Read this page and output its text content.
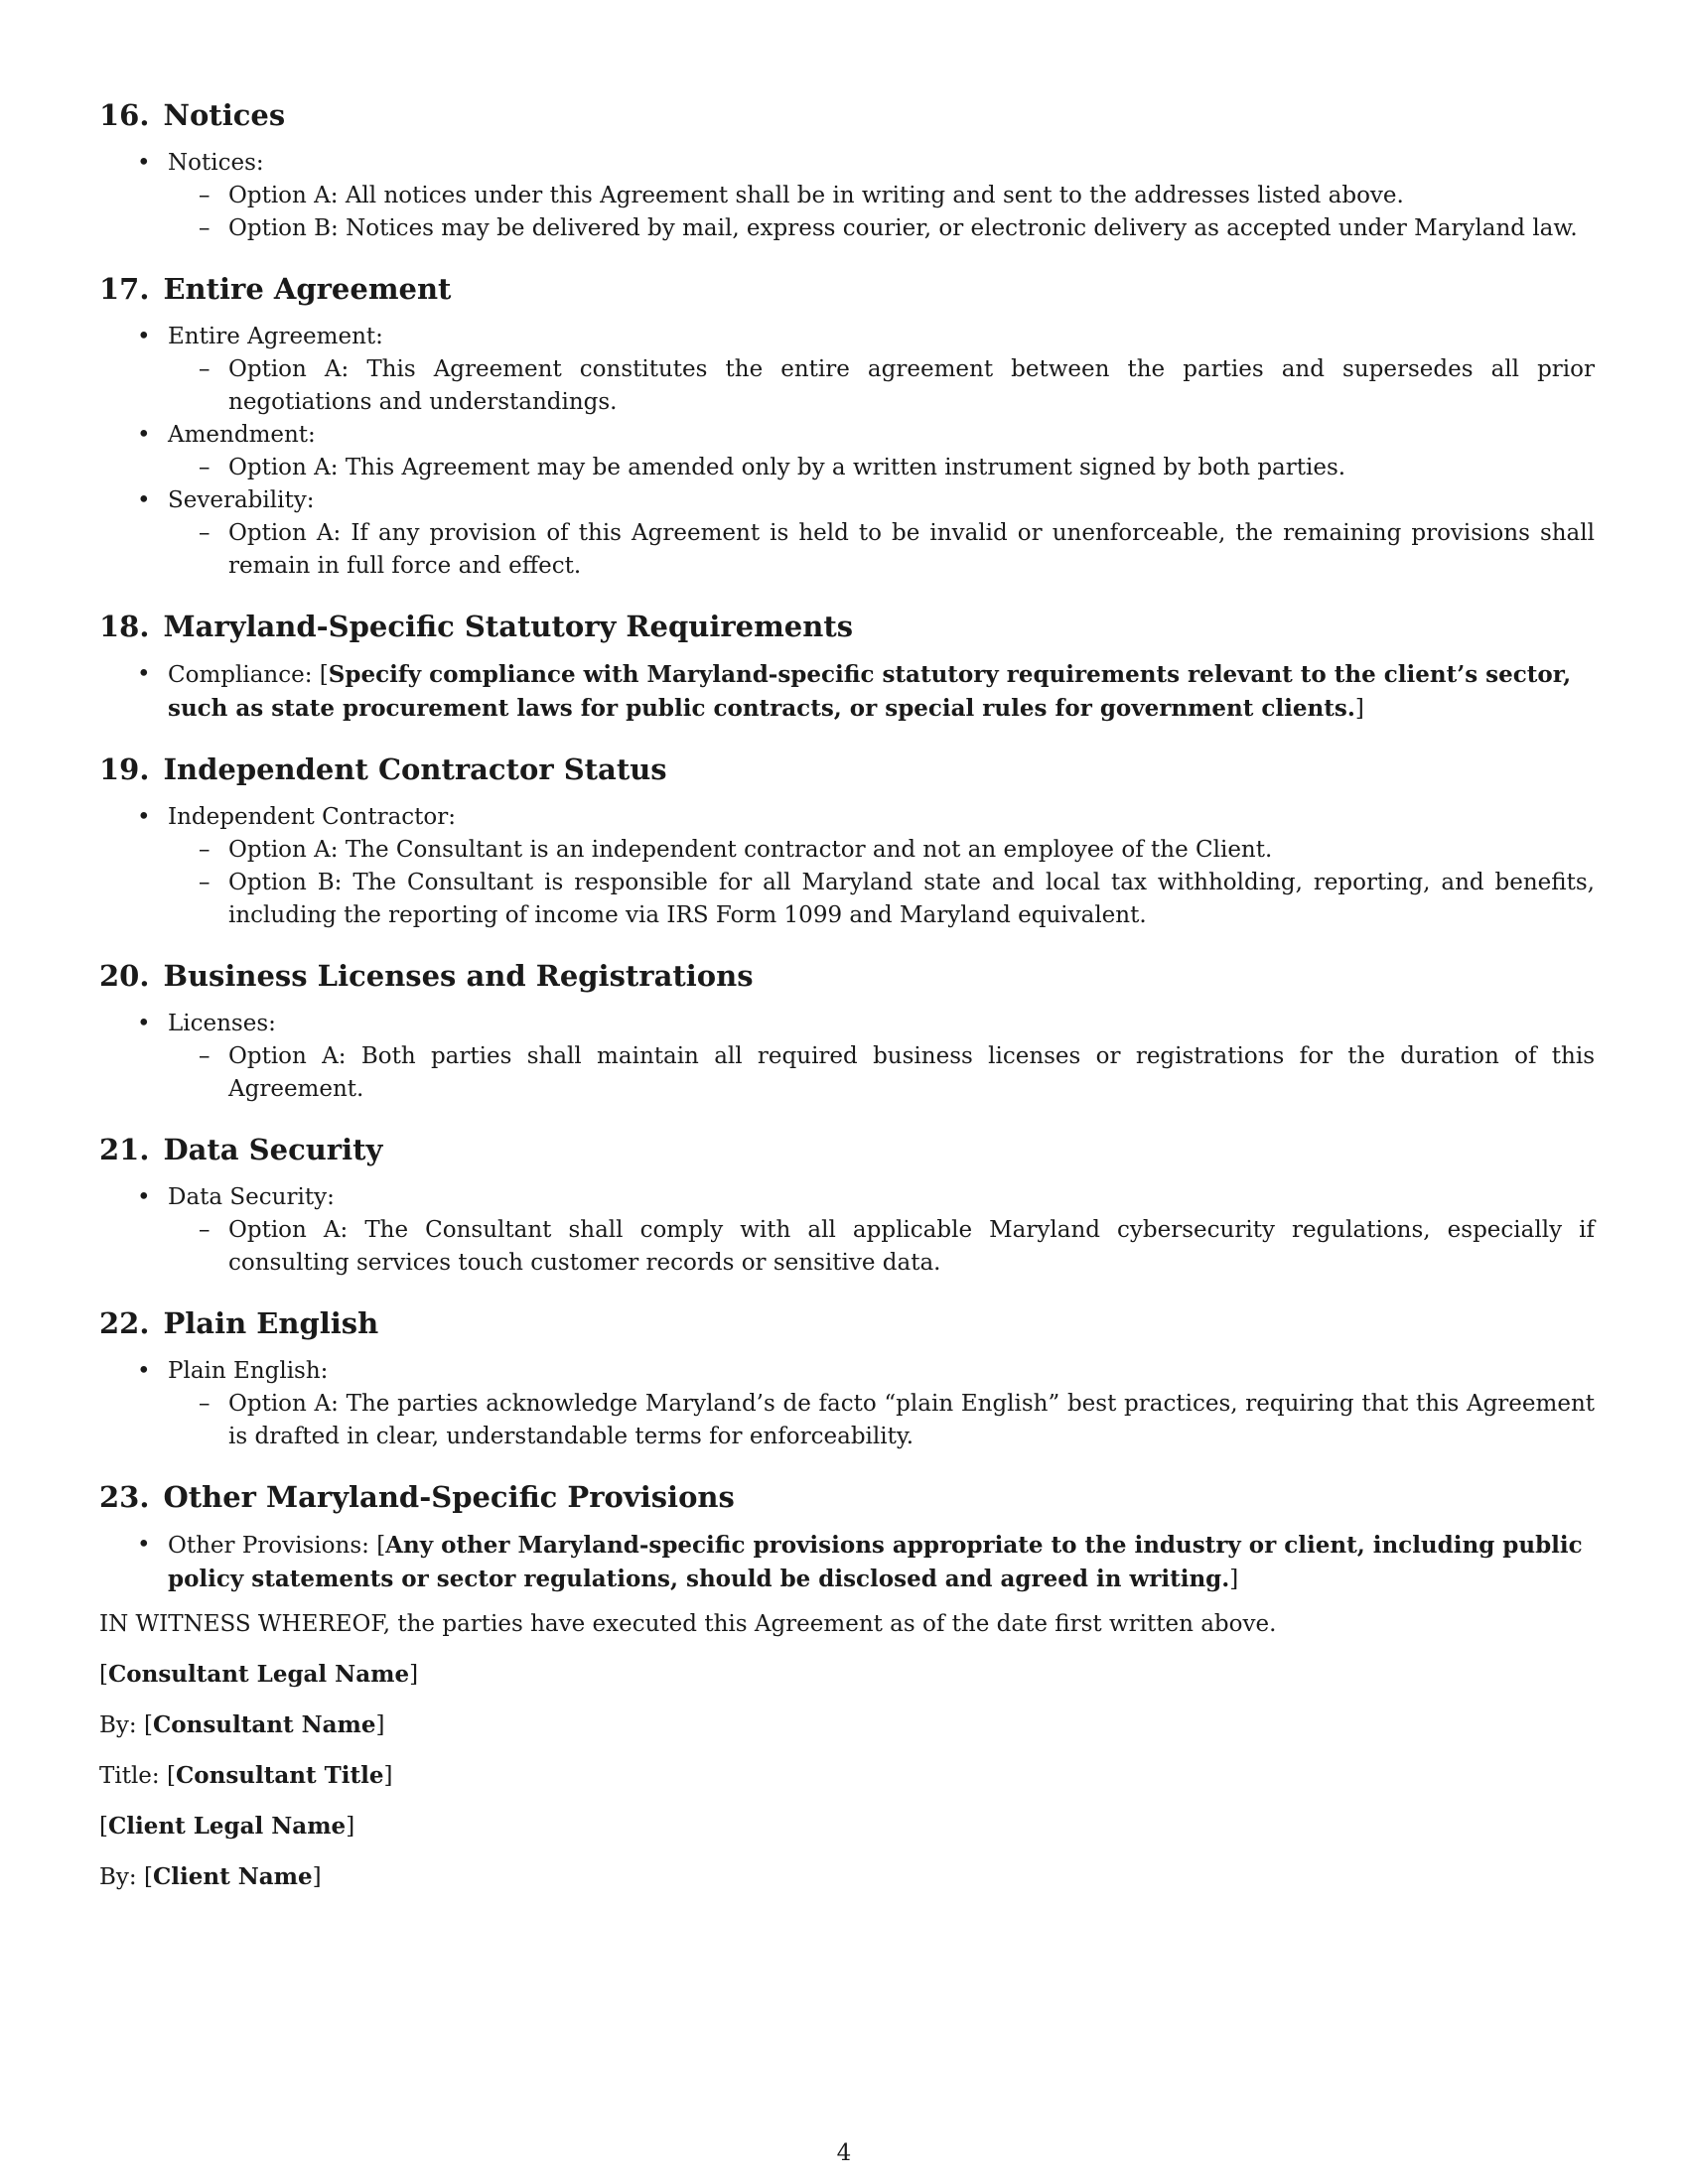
16. Notices
• Notices:
– Option A: All notices under this Agreement shall be in writing and sent to the addresses listed above.
– Option B: Notices may be delivered by mail, express courier, or electronic delivery as accepted under Maryland law.
17. Entire Agreement
• Entire Agreement:
– Option A: This Agreement constitutes the entire agreement between the parties and supersedes all prior negotiations and understandings.
• Amendment:
– Option A: This Agreement may be amended only by a written instrument signed by both parties.
• Severability:
– Option A: If any provision of this Agreement is held to be invalid or unenforceable, the remaining provisions shall remain in full force and effect.
18. Maryland-Specific Statutory Requirements
• Compliance: [Specify compliance with Maryland-specific statutory requirements relevant to the client’s sector, such as state procurement laws for public contracts, or special rules for government clients.]
19. Independent Contractor Status
• Independent Contractor:
– Option A: The Consultant is an independent contractor and not an employee of the Client.
– Option B: The Consultant is responsible for all Maryland state and local tax withholding, reporting, and benefits, including the reporting of income via IRS Form 1099 and Maryland equivalent.
20. Business Licenses and Registrations
• Licenses:
– Option A: Both parties shall maintain all required business licenses or registrations for the duration of this Agreement.
21. Data Security
• Data Security:
– Option A: The Consultant shall comply with all applicable Maryland cybersecurity regulations, especially if consulting services touch customer records or sensitive data.
22. Plain English
• Plain English:
– Option A: The parties acknowledge Maryland’s de facto “plain English” best practices, requiring that this Agreement is drafted in clear, understandable terms for enforceability.
23. Other Maryland-Specific Provisions
• Other Provisions: [Any other Maryland-specific provisions appropriate to the industry or client, including public policy statements or sector regulations, should be disclosed and agreed in writing.]

IN WITNESS WHEREOF, the parties have executed this Agreement as of the date first written above.

[Consultant Legal Name]

By: [Consultant Name]

Title: [Consultant Title]

[Client Legal Name]

By: [Client Name]

4
